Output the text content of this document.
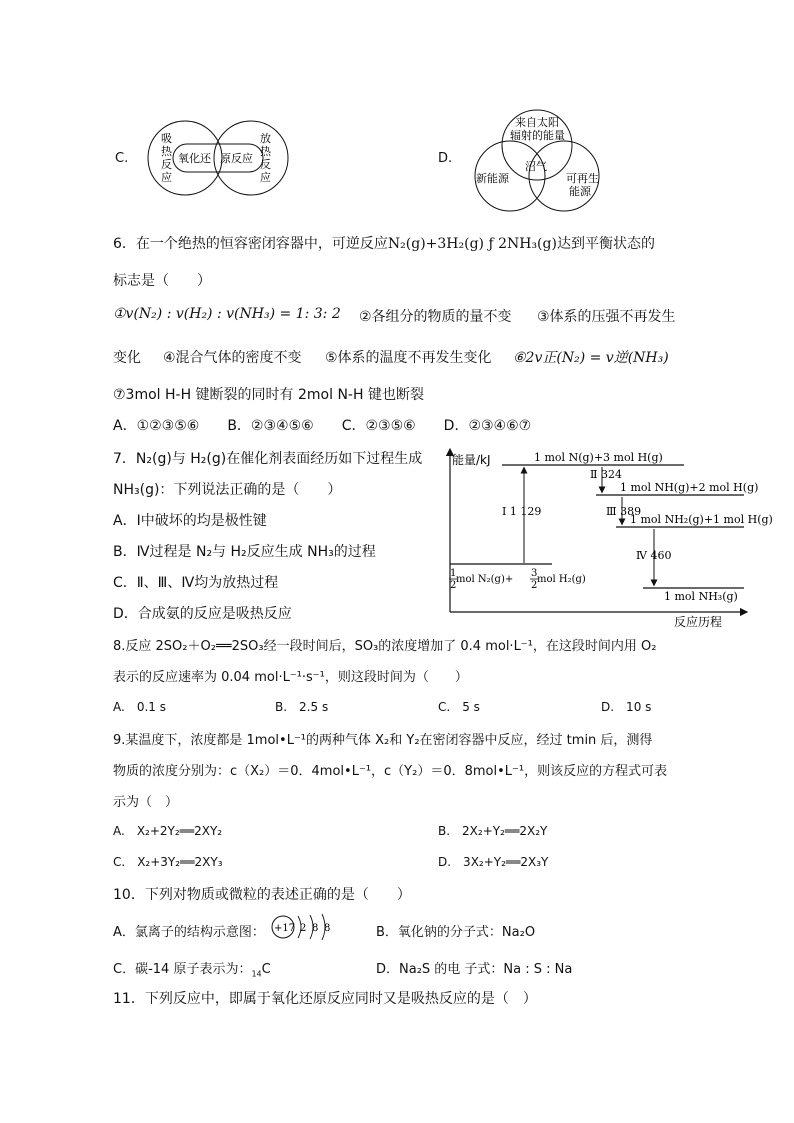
C.
吸
热
反
应
放
热
反
应
氧化还 原反应	D.
来自太阳
辐射的能量
沼气
新能源	可再生
能源
6．在一个绝热的恒容密闭容器中，可逆反应N₂(g)+3H₂(g) ƒ 2NH₃(g)达到平衡状态的
标志是（　　）
①v(N₂) : v(H₂) : v(NH₃) = 1: 3: 2 ②各组分的物质的量不变 ③体系的压强不再发生
变化 ④混合气体的密度不变 ⑤体系的温度不再发生变化 ⑥2v正(N₂) = v逆(NH₃)
⑦3mol H-H 键断裂的同时有 2mol N-H 键也断裂
A．①②③⑤⑥　　B．②③④⑤⑥　　C．②③⑤⑥　　D．②③④⑥⑦
7．N₂(g)与 H₂(g)在催化剂表面经历如下过程生成
NH₃(g)：下列说法正确的是（　　）
A．Ⅰ中破坏的均是极性键
B．Ⅳ过程是 N₂与 H₂反应生成 NH₃的过程
C．Ⅱ、Ⅲ、Ⅳ均为放热过程
D．合成氨的反应是吸热反应
能量/kJ
反应历程
1 mol N(g)+3 mol H(g)
1 mol NH(g)+2 mol H(g)
1 mol NH₂(g)+1 mol H(g)
1 mol NH₃(g)
1
2
mol N₂(g)+
3
2
mol H₂(g)
Ⅰ 1 129
Ⅱ 324
Ⅲ 389
Ⅳ 460
8.反应 2SO₂＋O₂══2SO₃经一段时间后，SO₃的浓度增加了 0.4 mol·L⁻¹，在这段时间内用 O₂
表示的反应速率为 0.04 mol·L⁻¹·s⁻¹，则这段时间为（　　）
A.　0.1 s	B.　2.5 s	C.　5 s	D.　10 s
9.某温度下，浓度都是 1mol•L⁻¹的两种气体 X₂和 Y₂在密闭容器中反应，经过 tmin 后，测得
物质的浓度分别为：c（X₂）＝0．4mol•L⁻¹，c（Y₂）＝0．8mol•L⁻¹，则该反应的方程式可表
示为（　）
A.　X₂+2Y₂══2XY₂	B.　2X₂+Y₂══2X₂Y
C.　X₂+3Y₂══2XY₃	D.　3X₂+Y₂══2X₃Y
10．下列对物质或微粒的表述正确的是（　　）
A．氯离子的结构示意图： +17 2 8 8	B．氧化钠的分子式：Na₂O
C．碳-14 原子表示为：$_{14}$C	D．Na₂S 的电 子式：Na : S : Na
11．下列反应中，即属于氧化还原反应同时又是吸热反应的是（　）
